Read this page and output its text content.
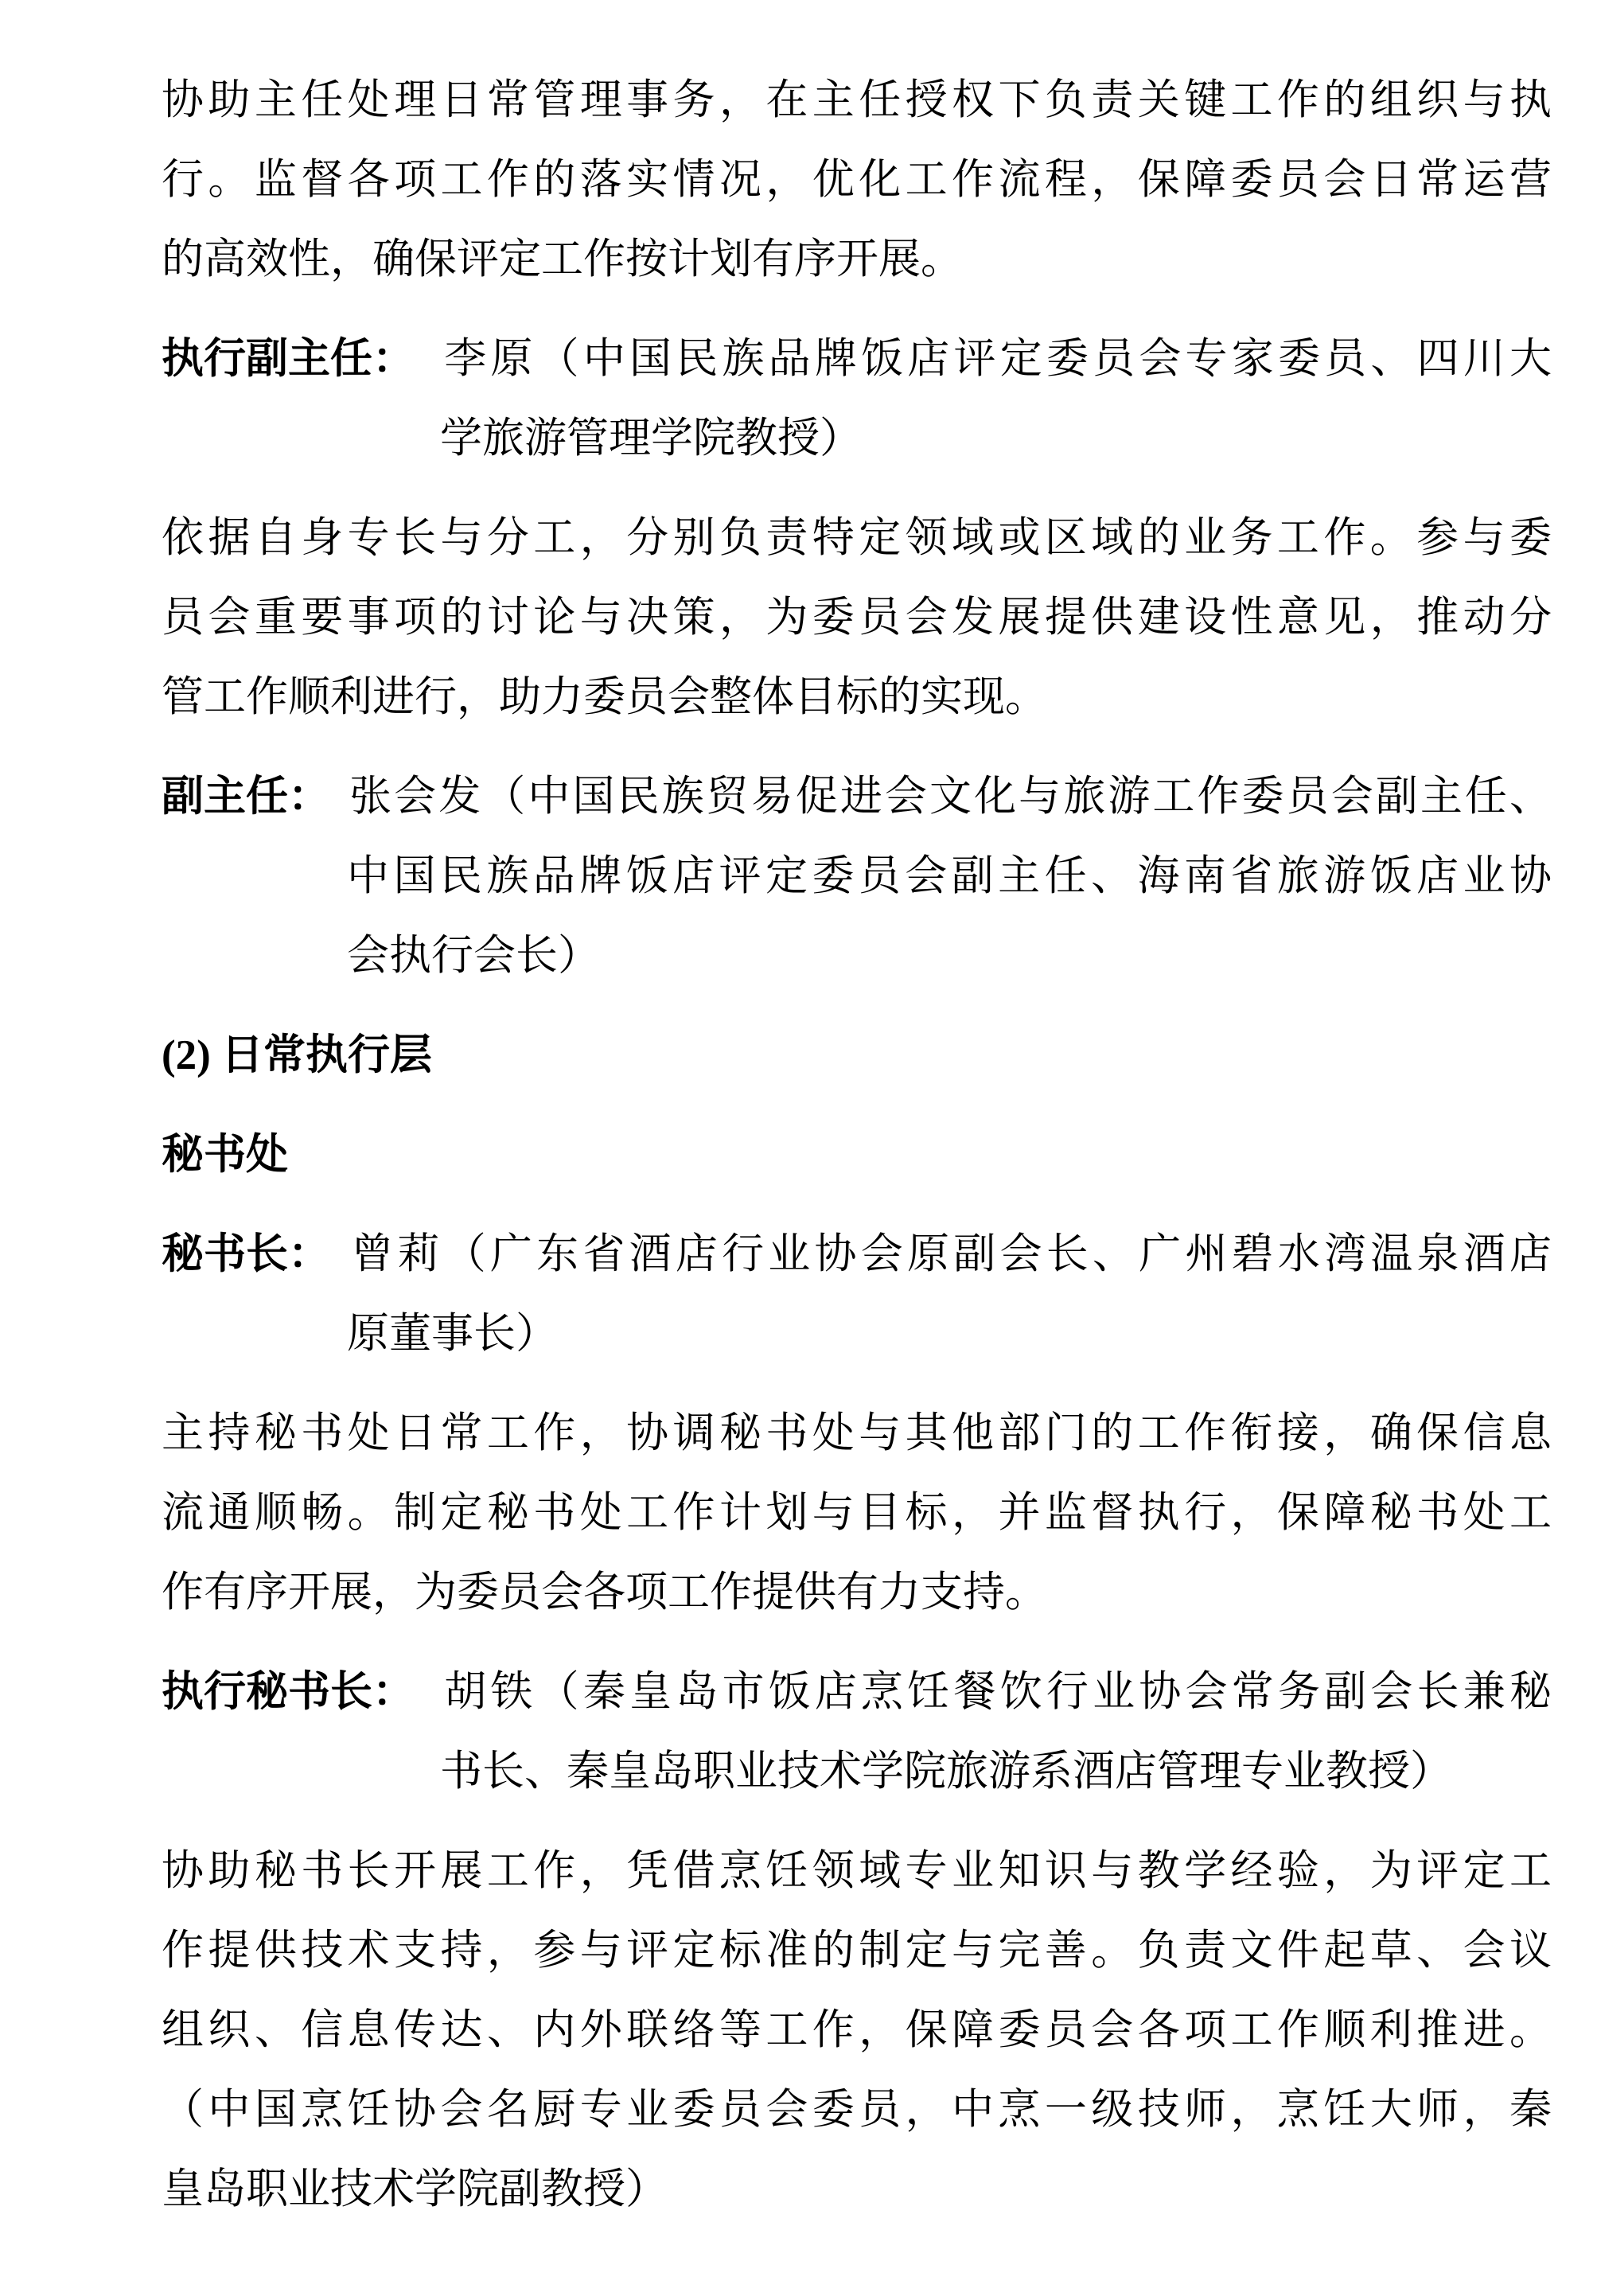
协助主任处理日常管理事务，在主任授权下负责关键工作的组织与执
行。监督各项工作的落实情况，优化工作流程，保障委员会日常运营
的高效性，确保评定工作按计划有序开展。
执行副主任： 李原（中国民族品牌饭店评定委员会专家委员、四川大
学旅游管理学院教授）
依据自身专长与分工，分别负责特定领域或区域的业务工作。参与委
员会重要事项的讨论与决策，为委员会发展提供建设性意见，推动分
管工作顺利进行，助力委员会整体目标的实现。
副主任： 张会发（中国民族贸易促进会文化与旅游工作委员会副主任、
中国民族品牌饭店评定委员会副主任、海南省旅游饭店业协
会执行会长）
(2) 日常执行层
秘书处
秘书长： 曾莉（广东省酒店行业协会原副会长、广州碧水湾温泉酒店
原董事长）
主持秘书处日常工作，协调秘书处与其他部门的工作衔接，确保信息
流通顺畅。制定秘书处工作计划与目标，并监督执行，保障秘书处工
作有序开展，为委员会各项工作提供有力支持。
执行秘书长： 胡铁（秦皇岛市饭店烹饪餐饮行业协会常务副会长兼秘
书长、秦皇岛职业技术学院旅游系酒店管理专业教授）
协助秘书长开展工作，凭借烹饪领域专业知识与教学经验，为评定工
作提供技术支持，参与评定标准的制定与完善。负责文件起草、会议
组织、信息传达、内外联络等工作，保障委员会各项工作顺利推进。
（中国烹饪协会名厨专业委员会委员，中烹一级技师，烹饪大师，秦
皇岛职业技术学院副教授）
